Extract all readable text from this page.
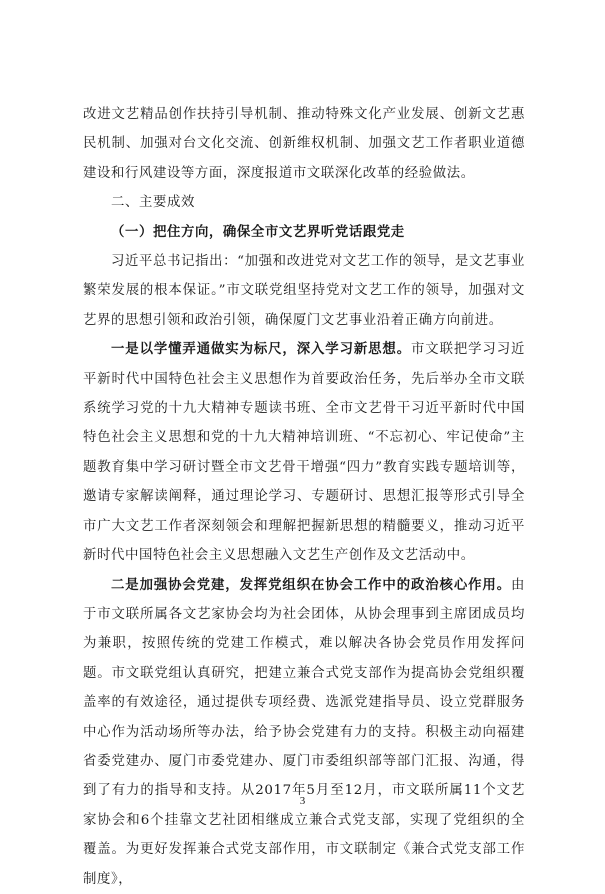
改进文艺精品创作扶持引导机制、推动特殊文化产业发展、创新文艺惠民机制、加强对台文化交流、创新维权机制、加强文艺工作者职业道德建设和行风建设等方面，深度报道市文联深化改革的经验做法。

二、主要成效

（一）把住方向，确保全市文艺界听党话跟党走

习近平总书记指出：“加强和改进党对文艺工作的领导，是文艺事业繁荣发展的根本保证。”市文联党组坚持党对文艺工作的领导，加强对文艺界的思想引领和政治引领，确保厦门文艺事业沿着正确方向前进。

一是以学懂弄通做实为标尺，深入学习新思想。市文联把学习习近平新时代中国特色社会主义思想作为首要政治任务，先后举办全市文联系统学习党的十九大精神专题读书班、全市文艺骨干习近平新时代中国特色社会主义思想和党的十九大精神培训班、“不忘初心、牢记使命”主题教育集中学习研讨暨全市文艺骨干增强“四力”教育实践专题培训等，邀请专家解读阐释，通过理论学习、专题研讨、思想汇报等形式引导全市广大文艺工作者深刻领会和理解把握新思想的精髓要义，推动习近平新时代中国特色社会主义思想融入文艺生产创作及文艺活动中。

二是加强协会党建，发挥党组织在协会工作中的政治核心作用。由于市文联所属各文艺家协会均为社会团体，从协会理事到主席团成员均为兼职，按照传统的党建工作模式，难以解决各协会党员作用发挥问题。市文联党组认真研究，把建立兼合式党支部作为提高协会党组织覆盖率的有效途径，通过提供专项经费、选派党建指导员、设立党群服务中心作为活动场所等办法，给予协会党建有力的支持。积极主动向福建省委党建办、厦门市委党建办、厦门市委组织部等部门汇报、沟通，得到了有力的指导和支持。从2017年5月至12月，市文联所属11个文艺家协会和6个挂靠文艺社团相继成立兼合式党支部，实现了党组织的全覆盖。为更好发挥兼合式党支部作用，市文联制定《兼合式党支部工作制度》，

3
